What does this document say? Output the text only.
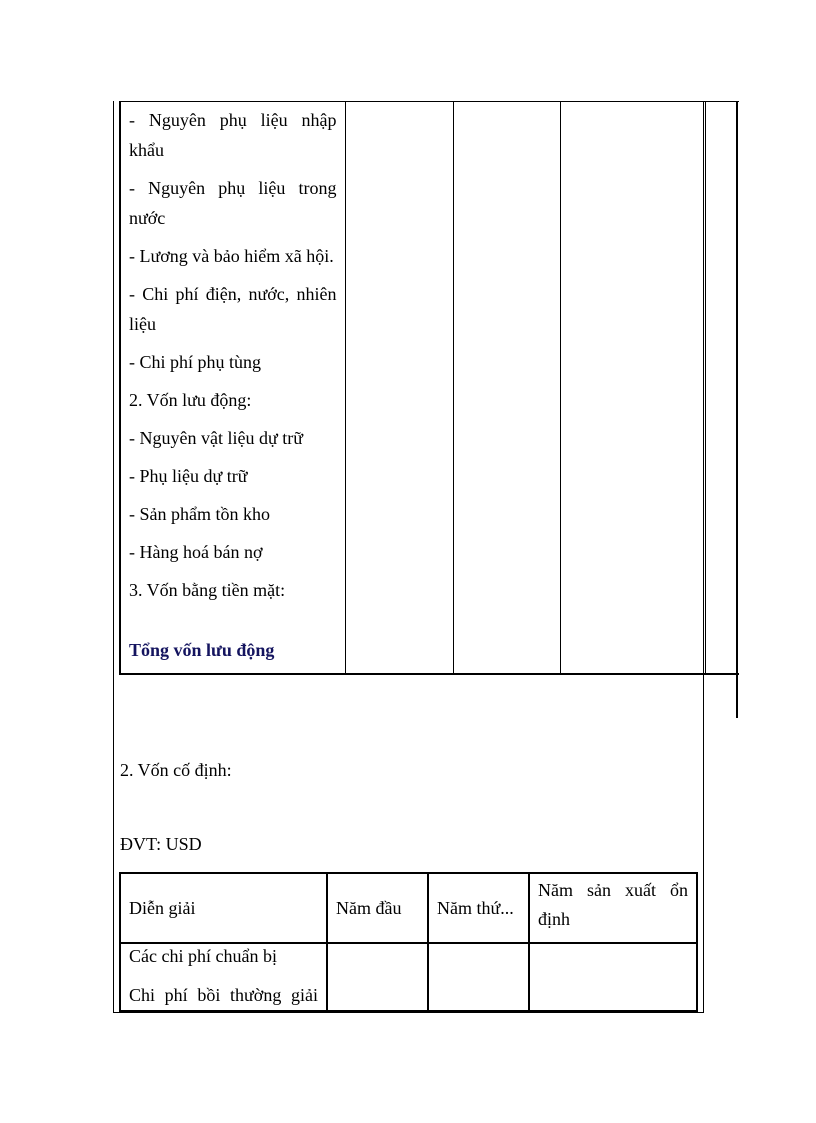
- Nguyên phụ liệu nhập khẩu
- Nguyên phụ liệu trong nước
- Lương và bảo hiểm xã hội.
- Chi phí điện, nước, nhiên liệu
- Chi phí phụ tùng
2. Vốn lưu động:
- Nguyên vật liệu dự trữ
- Phụ liệu dự trữ
- Sản phẩm tồn kho
- Hàng hoá bán nợ
3. Vốn bằng tiền mặt:
Tổng vốn lưu động

2. Vốn cố định:
ĐVT: USD
Diễn giải	Năm đầu	Năm thứ...	Năm sản xuất ổn định

Các chi phí chuẩn bị
Chi phí bồi thường giải			
